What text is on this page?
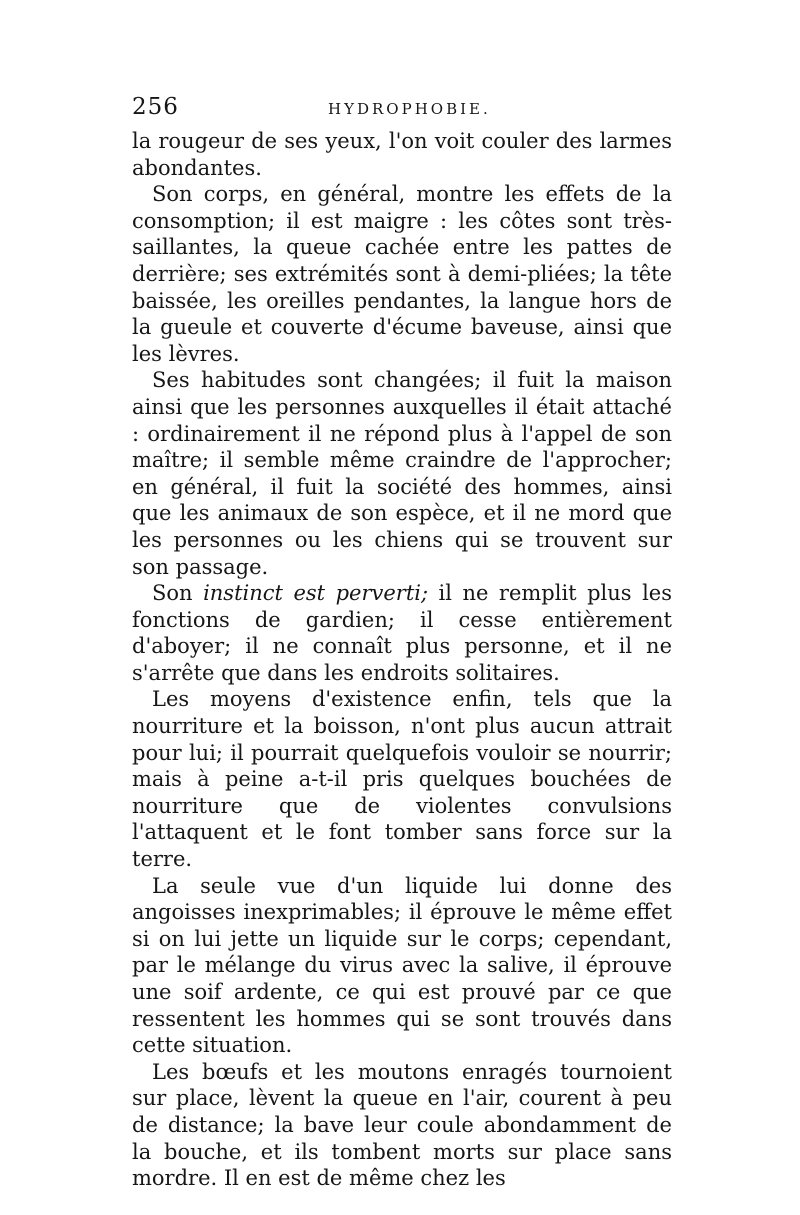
256	HYDROPHOBIE.

la rougeur de ses yeux, l'on voit couler des larmes abondantes.

Son corps, en général, montre les effets de la consomption; il est maigre : les côtes sont très-saillantes, la queue cachée entre les pattes de derrière; ses extrémités sont à demi-pliées; la tête baissée, les oreilles pendantes, la langue hors de la gueule et couverte d'écume baveuse, ainsi que les lèvres.

Ses habitudes sont changées; il fuit la maison ainsi que les personnes auxquelles il était attaché : ordinairement il ne répond plus à l'appel de son maître; il semble même craindre de l'approcher; en général, il fuit la société des hommes, ainsi que les animaux de son espèce, et il ne mord que les personnes ou les chiens qui se trouvent sur son passage.

Son instinct est perverti; il ne remplit plus les fonctions de gardien; il cesse entièrement d'aboyer; il ne connaît plus personne, et il ne s'arrête que dans les endroits solitaires.

Les moyens d'existence enfin, tels que la nourriture et la boisson, n'ont plus aucun attrait pour lui; il pourrait quelquefois vouloir se nourrir; mais à peine a-t-il pris quelques bouchées de nourriture que de violentes convulsions l'attaquent et le font tomber sans force sur la terre.

La seule vue d'un liquide lui donne des angoisses inexprimables; il éprouve le même effet si on lui jette un liquide sur le corps; cependant, par le mélange du virus avec la salive, il éprouve une soif ardente, ce qui est prouvé par ce que ressentent les hommes qui se sont trouvés dans cette situation.

Les bœufs et les moutons enragés tournoient sur place, lèvent la queue en l'air, courent à peu de distance; la bave leur coule abondamment de la bouche, et ils tombent morts sur place sans mordre. Il en est de même chez les
